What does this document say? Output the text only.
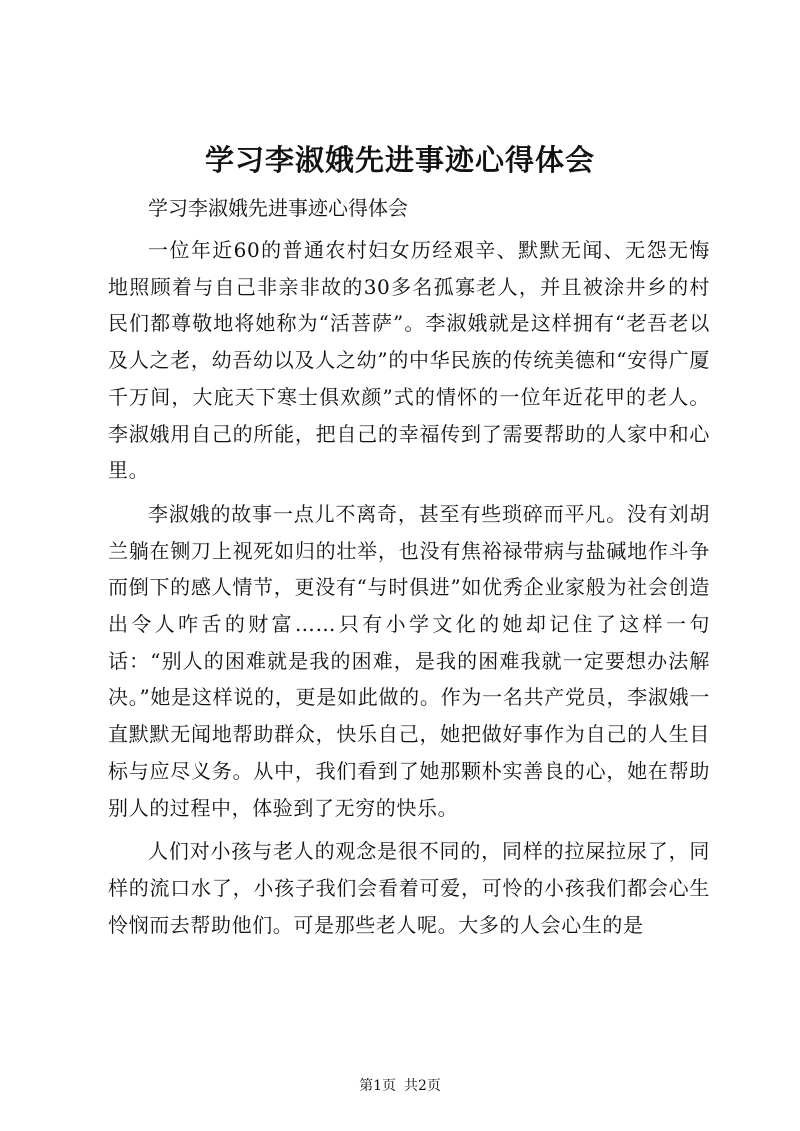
学习李淑娥先进事迹心得体会

学习李淑娥先进事迹心得体会

一位年近60的普通农村妇女历经艰辛、默默无闻、无怨无悔地照顾着与自己非亲非故的30多名孤寡老人，并且被涂井乡的村民们都尊敬地将她称为“活菩萨”。李淑娥就是这样拥有“老吾老以及人之老，幼吾幼以及人之幼”的中华民族的传统美德和“安得广厦千万间，大庇天下寒士俱欢颜”式的情怀的一位年近花甲的老人。李淑娥用自己的所能，把自己的幸福传到了需要帮助的人家中和心里。

李淑娥的故事一点儿不离奇，甚至有些琐碎而平凡。没有刘胡兰躺在铡刀上视死如归的壮举，也没有焦裕禄带病与盐碱地作斗争而倒下的感人情节，更没有“与时俱进”如优秀企业家般为社会创造出令人咋舌的财富……只有小学文化的她却记住了这样一句话：“别人的困难就是我的困难，是我的困难我就一定要想办法解决。”她是这样说的，更是如此做的。作为一名共产党员，李淑娥一直默默无闻地帮助群众，快乐自己，她把做好事作为自己的人生目标与应尽义务。从中，我们看到了她那颗朴实善良的心，她在帮助别人的过程中，体验到了无穷的快乐。

人们对小孩与老人的观念是很不同的，同样的拉屎拉尿了，同样的流口水了，小孩子我们会看着可爱，可怜的小孩我们都会心生怜悯而去帮助他们。可是那些老人呢。大多的人会心生的是

第1页 共2页
